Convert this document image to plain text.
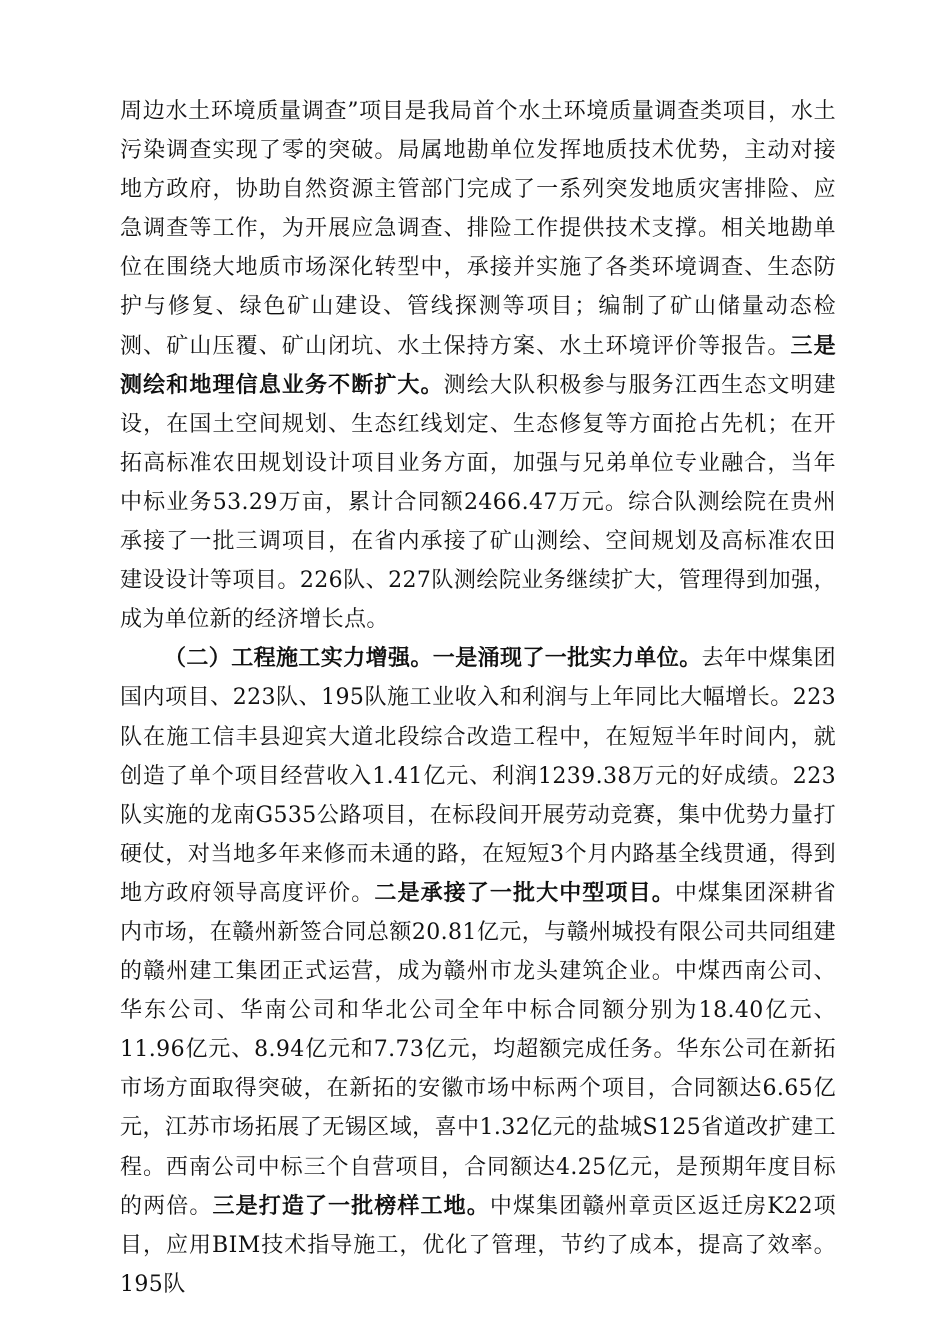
周边水土环境质量调查”项目是我局首个水土环境质量调查类项目，水土污染调查实现了零的突破。局属地勘单位发挥地质技术优势，主动对接地方政府，协助自然资源主管部门完成了一系列突发地质灾害排险、应急调查等工作，为开展应急调查、排险工作提供技术支撑。相关地勘单位在围绕大地质市场深化转型中，承接并实施了各类环境调查、生态防护与修复、绿色矿山建设、管线探测等项目；编制了矿山储量动态检测、矿山压覆、矿山闭坑、水土保持方案、水土环境评价等报告。三是测绘和地理信息业务不断扩大。测绘大队积极参与服务江西生态文明建设，在国土空间规划、生态红线划定、生态修复等方面抢占先机；在开拓高标准农田规划设计项目业务方面，加强与兄弟单位专业融合，当年中标业务53.29万亩，累计合同额2466.47万元。综合队测绘院在贵州承接了一批三调项目，在省内承接了矿山测绘、空间规划及高标准农田建设设计等项目。226队、227队测绘院业务继续扩大，管理得到加强，成为单位新的经济增长点。

（二）工程施工实力增强。一是涌现了一批实力单位。去年中煤集团国内项目、223队、195队施工业收入和利润与上年同比大幅增长。223队在施工信丰县迎宾大道北段综合改造工程中，在短短半年时间内，就创造了单个项目经营收入1.41亿元、利润1239.38万元的好成绩。223队实施的龙南G535公路项目，在标段间开展劳动竞赛，集中优势力量打硬仗，对当地多年来修而未通的路，在短短3个月内路基全线贯通，得到地方政府领导高度评价。二是承接了一批大中型项目。中煤集团深耕省内市场，在赣州新签合同总额20.81亿元，与赣州城投有限公司共同组建的赣州建工集团正式运营，成为赣州市龙头建筑企业。中煤西南公司、华东公司、华南公司和华北公司全年中标合同额分别为18.40亿元、11.96亿元、8.94亿元和7.73亿元，均超额完成任务。华东公司在新拓市场方面取得突破，在新拓的安徽市场中标两个项目，合同额达6.65亿元，江苏市场拓展了无锡区域，喜中1.32亿元的盐城S125省道改扩建工程。西南公司中标三个自营项目，合同额达4.25亿元，是预期年度目标的两倍。三是打造了一批榜样工地。中煤集团赣州章贡区返迁房K22项目，应用BIM技术指导施工，优化了管理，节约了成本，提高了效率。195队
